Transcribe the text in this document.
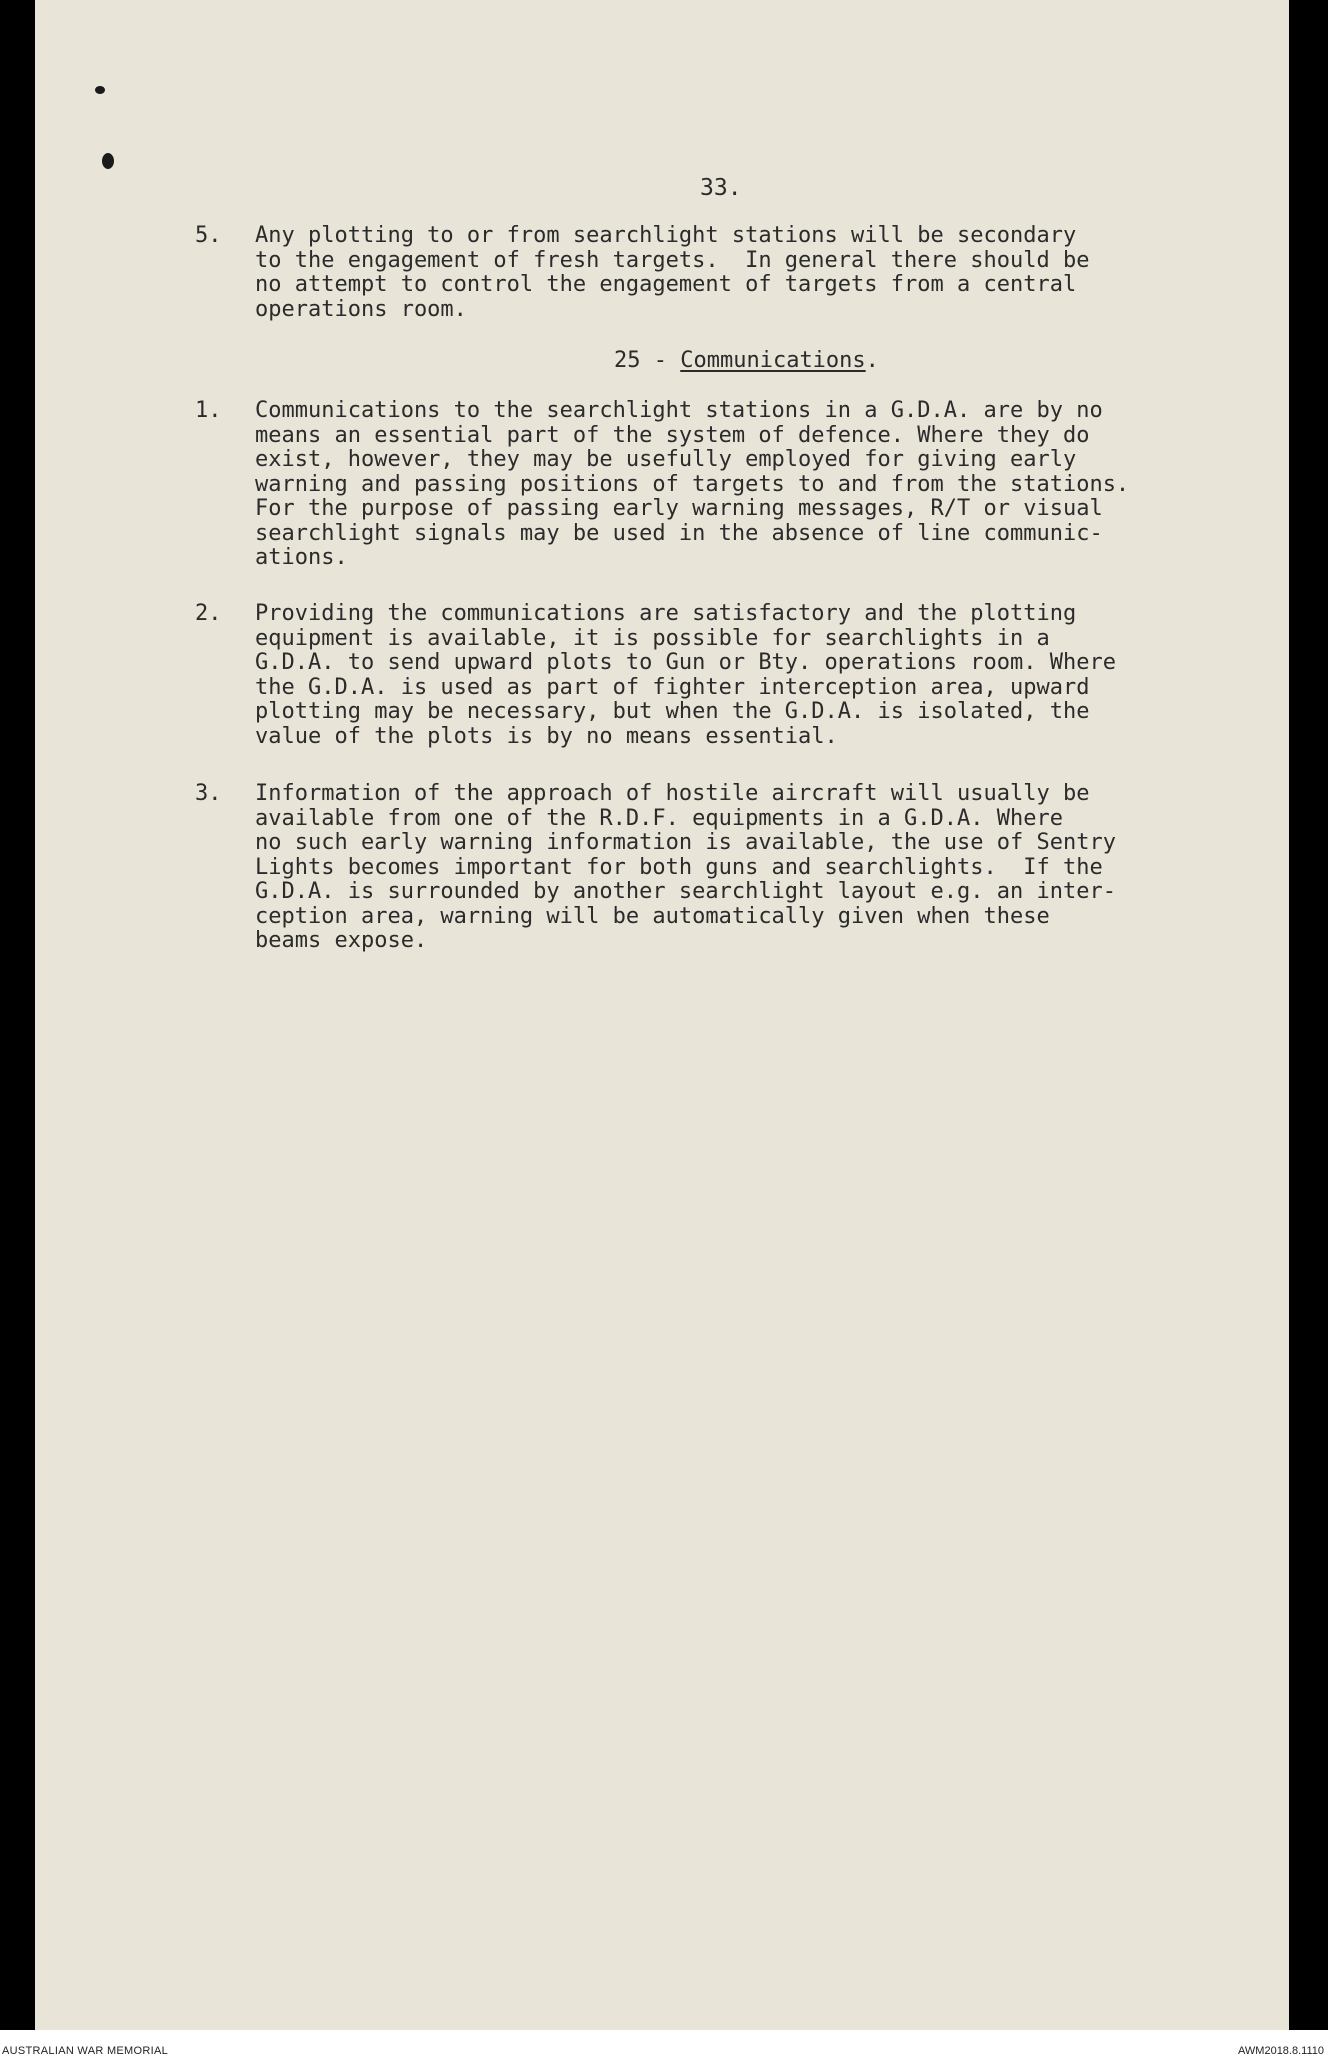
33.
5.	Any plotting to or from searchlight stations will be secondary
to the engagement of fresh targets.  In general there should be
no attempt to control the engagement of targets from a central
operations room.
25 - Communications.
1.	Communications to the searchlight stations in a G.D.A. are by no
means an essential part of the system of defence. Where they do
exist, however, they may be usefully employed for giving early
warning and passing positions of targets to and from the stations.
For the purpose of passing early warning messages, R/T or visual
searchlight signals may be used in the absence of line communic-
ations.
2.	Providing the communications are satisfactory and the plotting
equipment is available, it is possible for searchlights in a
G.D.A. to send upward plots to Gun or Bty. operations room. Where
the G.D.A. is used as part of fighter interception area, upward
plotting may be necessary, but when the G.D.A. is isolated, the
value of the plots is by no means essential.
3.	Information of the approach of hostile aircraft will usually be
available from one of the R.D.F. equipments in a G.D.A. Where
no such early warning information is available, the use of Sentry
Lights becomes important for both guns and searchlights.  If the
G.D.A. is surrounded by another searchlight layout e.g. an inter-
ception area, warning will be automatically given when these
beams expose.
AUSTRALIAN WAR MEMORIAL	AWM2018.8.1110
